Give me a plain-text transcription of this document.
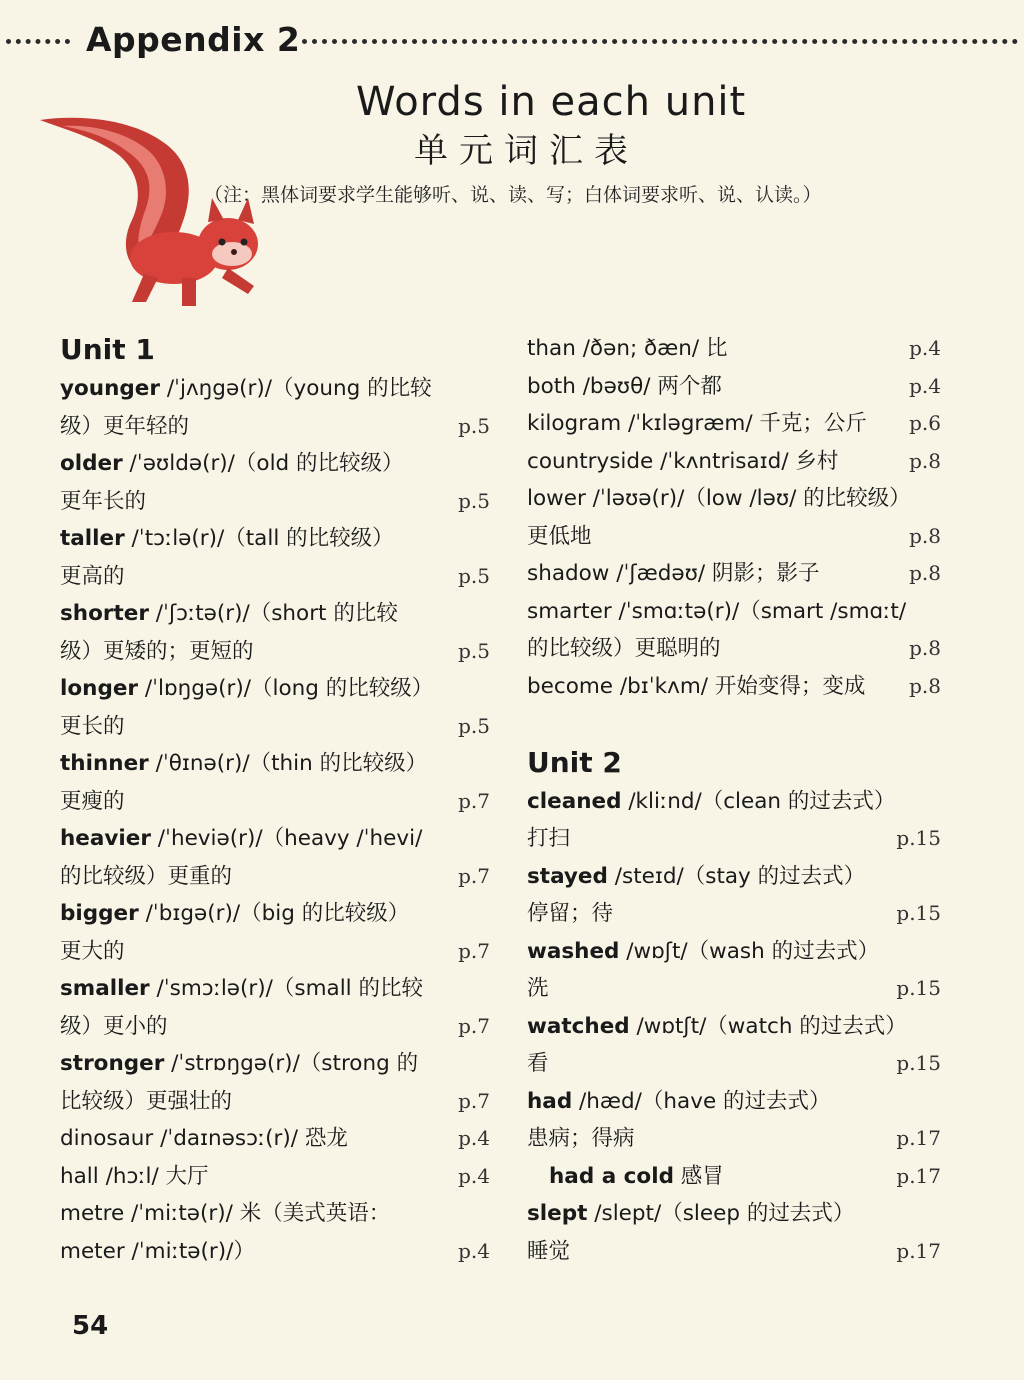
Appendix 2
Words in each unit
单元词汇表
（注：黑体词要求学生能够听、说、读、写；白体词要求听、说、认读。）
Unit 1
younger /ˈjʌŋgə(r)/（young 的比较
级）更年轻的	p.5
older /ˈəʊldə(r)/（old 的比较级）
更年长的	p.5
taller /ˈtɔːlə(r)/（tall 的比较级）
更高的	p.5
shorter /ˈʃɔːtə(r)/（short 的比较
级）更矮的；更短的	p.5
longer /ˈlɒŋgə(r)/（long 的比较级）
更长的	p.5
thinner /ˈθɪnə(r)/（thin 的比较级）
更瘦的	p.7
heavier /ˈheviə(r)/（heavy /ˈhevi/
的比较级）更重的	p.7
bigger /ˈbɪgə(r)/（big 的比较级）
更大的	p.7
smaller /ˈsmɔːlə(r)/（small 的比较
级）更小的	p.7
stronger /ˈstrɒŋgə(r)/（strong 的
比较级）更强壮的	p.7
dinosaur /ˈdaɪnəsɔː(r)/ 恐龙	p.4
hall /hɔːl/ 大厅	p.4
metre /ˈmiːtə(r)/ 米（美式英语：
meter /ˈmiːtə(r)/）	p.4
than /ðən; ðæn/ 比	p.4
both /bəʊθ/ 两个都	p.4
kilogram /ˈkɪləgræm/ 千克；公斤 p.6
countryside /ˈkʌntrisaɪd/ 乡村	p.8
lower /ˈləʊə(r)/（low /ləʊ/ 的比较级）
更低地	p.8
shadow /ˈʃædəʊ/ 阴影；影子	p.8
smarter /ˈsmɑːtə(r)/（smart /smɑːt/
的比较级）更聪明的	p.8
become /bɪˈkʌm/ 开始变得；变成 p.8
Unit 2
cleaned /kliːnd/（clean 的过去式）
打扫	p.15
stayed /steɪd/（stay 的过去式）
停留；待	p.15
washed /wɒʃt/（wash 的过去式）
洗	p.15
watched /wɒtʃt/（watch 的过去式）
看	p.15
had /hæd/（have 的过去式）
患病；得病	p.17
had a cold 感冒	p.17
slept /slept/（sleep 的过去式）
睡觉	p.17
54
